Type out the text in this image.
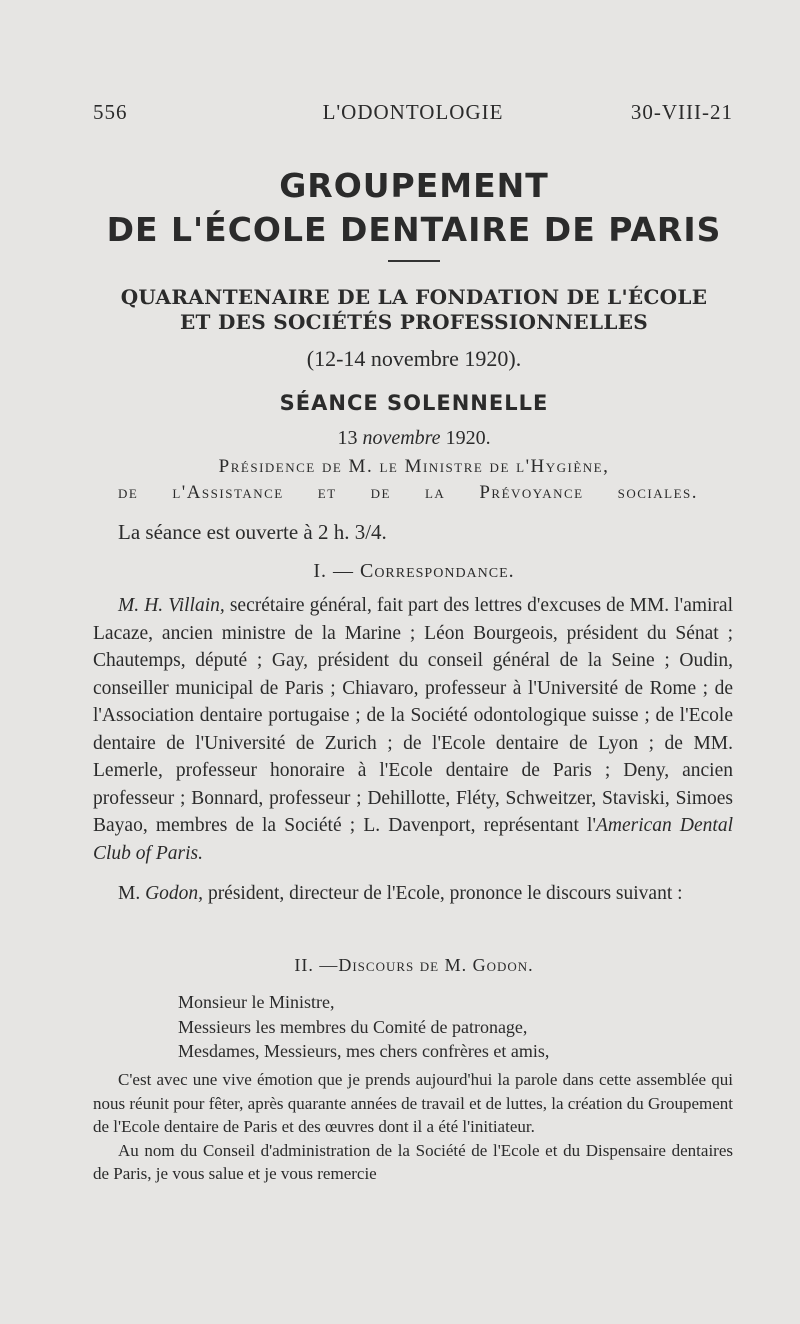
556	L'ODONTOLOGIE	30-VIII-21
GROUPEMENT
DE L'ÉCOLE DENTAIRE DE PARIS
QUARANTENAIRE DE LA FONDATION DE L'ÉCOLE
ET DES SOCIÉTÉS PROFESSIONNELLES
(12-14 novembre 1920).
SÉANCE SOLENNELLE
13 novembre 1920.
Présidence de M. le Ministre de l'Hygiène,
de l'Assistance et de la Prévoyance sociales.
La séance est ouverte à 2 h. 3/4.
I. — Correspondance.
M. H. Villain, secrétaire général, fait part des lettres d'excuses de MM. l'amiral Lacaze, ancien ministre de la Marine ; Léon Bourgeois, président du Sénat ; Chautemps, député ; Gay, président du conseil général de la Seine ; Oudin, conseiller municipal de Paris ; Chiavaro, professeur à l'Université de Rome ; de l'Association dentaire portugaise ; de la Société odontologique suisse ; de l'Ecole dentaire de l'Université de Zurich ; de l'Ecole dentaire de Lyon ; de MM. Lemerle, professeur honoraire à l'Ecole dentaire de Paris ; Deny, ancien professeur ; Bonnard, professeur ; Dehillotte, Fléty, Schweitzer, Staviski, Simoes Bayao, membres de la Société ; L. Davenport, représentant l'American Dental Club of Paris.
M. Godon, président, directeur de l'Ecole, prononce le discours suivant :
II. —Discours de M. Godon.
Monsieur le Ministre,
Messieurs les membres du Comité de patronage,
Mesdames, Messieurs, mes chers confrères et amis,
C'est avec une vive émotion que je prends aujourd'hui la parole dans cette assemblée qui nous réunit pour fêter, après quarante années de travail et de luttes, la création du Groupement de l'Ecole dentaire de Paris et des œuvres dont il a été l'initiateur.
Au nom du Conseil d'administration de la Société de l'Ecole et du Dispensaire dentaires de Paris, je vous salue et je vous remercie
